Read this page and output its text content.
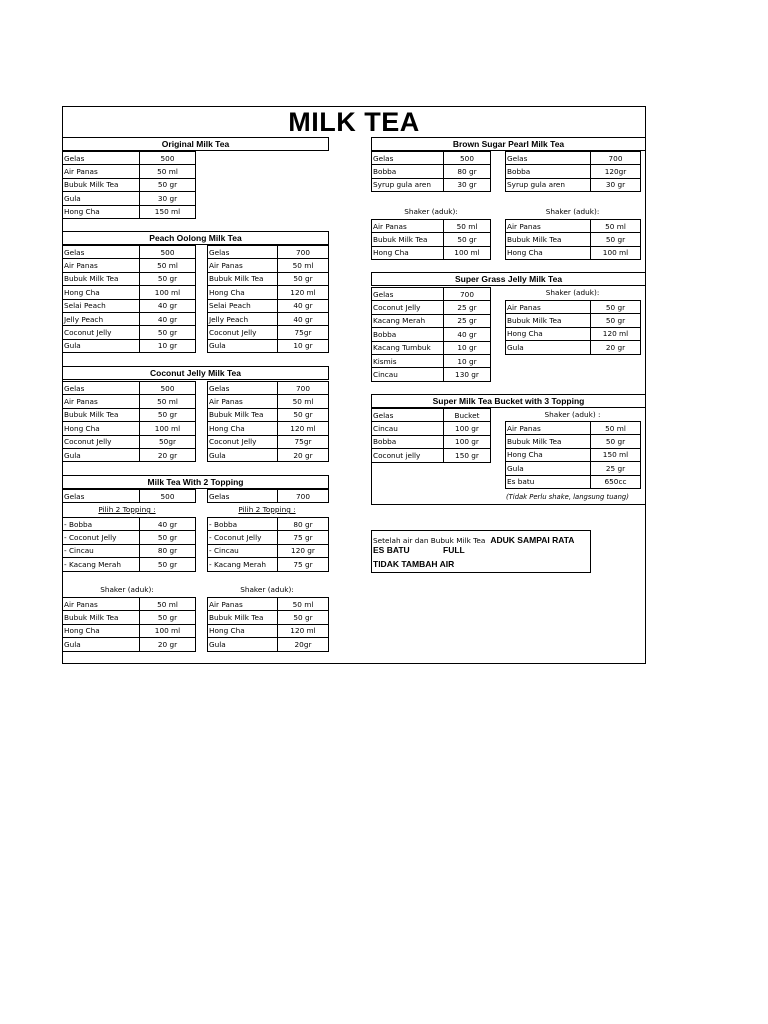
MILK TEA
Original Milk Tea
Gelas	500
Air Panas	50 ml
Bubuk Milk Tea	50 gr
Gula	30 gr
Hong Cha	150 ml
Peach Oolong Milk Tea
Gelas	500
Air Panas	50 ml
Bubuk Milk Tea	50 gr
Hong Cha	100 ml
Selai Peach	40 gr
Jelly Peach	40 gr
Coconut Jelly	50 gr
Gula	10 gr
Gelas	700
Air Panas	50 ml
Bubuk Milk Tea	50 gr
Hong Cha	120 ml
Selai Peach	40 gr
Jelly Peach	40 gr
Coconut Jelly	75gr
Gula	10 gr
Coconut Jelly Milk Tea
Gelas	500
Air Panas	50 ml
Bubuk Milk Tea	50 gr
Hong Cha	100 ml
Coconut Jelly	50gr
Gula	20 gr
Gelas	700
Air Panas	50 ml
Bubuk Milk Tea	50 gr
Hong Cha	120 ml
Coconut Jelly	75gr
Gula	20 gr
Milk Tea With 2 Topping
Gelas	500	Gelas	700
Pilih 2 Topping :	Pilih 2 Topping :
- Bobba	40 gr
- Coconut Jelly	50 gr
- Cincau	80 gr
- Kacang Merah	50 gr
- Bobba	80 gr
- Coconut Jelly	75 gr
- Cincau	120 gr
- Kacang Merah	75 gr
Shaker (aduk):	Shaker (aduk):
Air Panas	50 ml
Bubuk Milk Tea	50 gr
Hong Cha	100 ml
Gula	20 gr
Air Panas	50 ml
Bubuk Milk Tea	50 gr
Hong Cha	120 ml
Gula	20gr
Brown Sugar Pearl Milk Tea
Gelas	500
Bobba	80 gr
Syrup gula aren	30 gr
Gelas	700
Bobba	120gr
Syrup gula aren	30 gr
Shaker (aduk):	Shaker (aduk):
Air Panas	50 ml
Bubuk Milk Tea	50 gr
Hong Cha	100 ml
Air Panas	50 ml
Bubuk Milk Tea	50 gr
Hong Cha	100 ml
Super Grass Jelly Milk Tea
Gelas	700
Coconut Jelly	25 gr
Kacang Merah	25 gr
Bobba	40 gr
Kacang Tumbuk	10 gr
Kismis	10 gr
Cincau	130 gr
Shaker (aduk):
Air Panas	50 gr
Bubuk Milk Tea	50 gr
Hong Cha	120 ml
Gula	20 gr
Super Milk Tea Bucket with 3 Topping
Gelas	Bucket
Cincau	100 gr
Bobba	100 gr
Coconut jelly	150 gr
Shaker (aduk) :
Air Panas	50 ml
Bubuk Milk Tea	50 gr
Hong Cha	150 ml
Gula	25 gr
Es batu	650cc
(Tidak Perlu shake, langsung tuang)
Setelah air dan Bubuk Milk Tea ADUK SAMPAI RATA
ES BATU	FULL
TIDAK TAMBAH AIR
